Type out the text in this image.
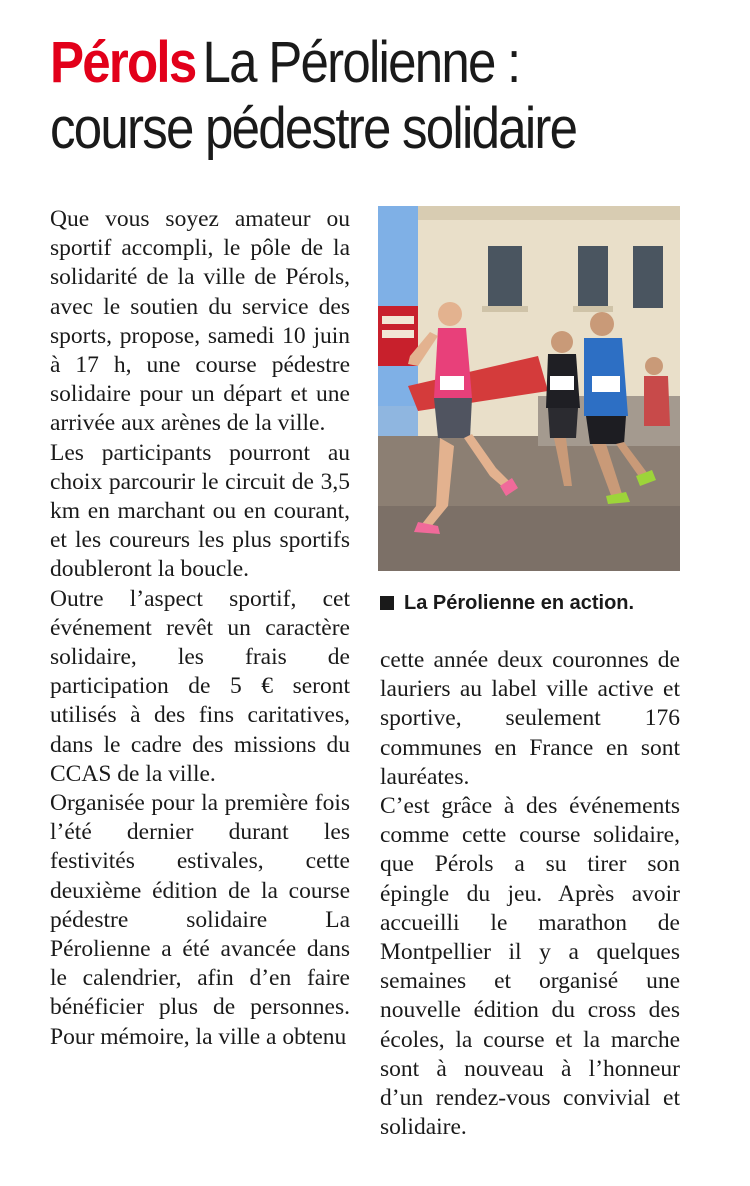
Pérols La Pérolienne :
course pédestre solidaire

Que vous soyez amateur ou sportif accompli, le pôle de la solidarité de la ville de Pérols, avec le soutien du service des sports, propose, samedi 10 juin à 17 h, une course pédestre solidaire pour un départ et une arrivée aux arènes de la ville.

Les participants pourront au choix parcourir le circuit de 3,5 km en marchant ou en courant, et les coureurs les plus sportifs doubleront la boucle.

Outre l’aspect sportif, cet événement revêt un caractère solidaire, les frais de participation de 5 € seront utilisés à des fins caritatives, dans le cadre des missions du CCAS de la ville.

Organisée pour la première fois l’été dernier durant les festivités estivales, cette deuxième édition de la course pédestre solidaire La Pérolienne a été avancée dans le calendrier, afin d’en faire bénéficier plus de personnes. Pour mémoire, la ville a obtenu

La Pérolienne en action.

cette année deux couronnes de lauriers au label ville active et sportive, seulement 176 communes en France en sont lauréates.

C’est grâce à des événements comme cette course solidaire, que Pérols a su tirer son épingle du jeu. Après avoir accueilli le marathon de Montpellier il y a quelques semaines et organisé une nouvelle édition du cross des écoles, la course et la marche sont à nouveau à l’honneur d’un rendez-vous convivial et solidaire.
